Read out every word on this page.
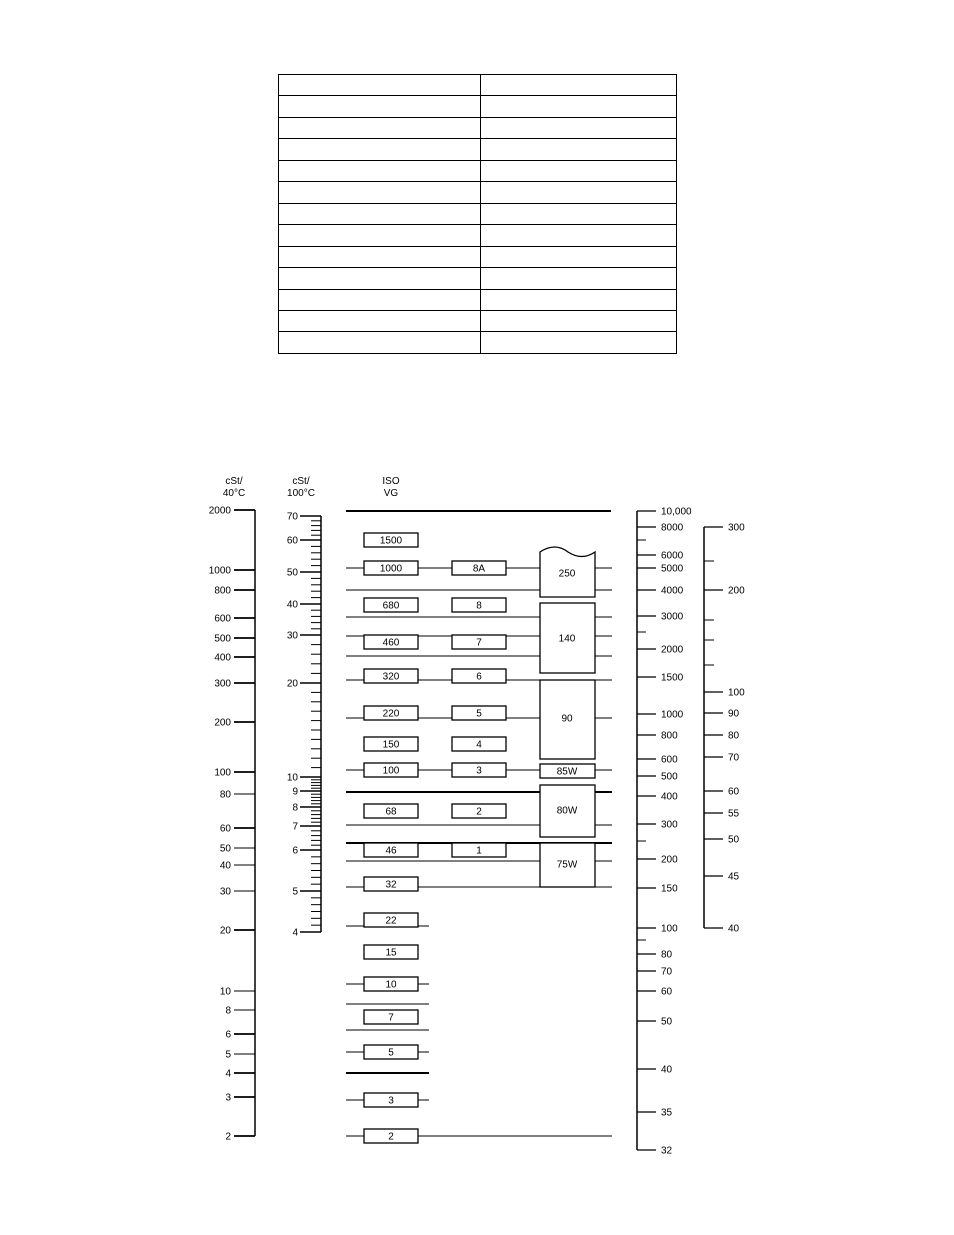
cSt/
40°C
cSt/
100°C
ISO
VG
2000
1000
800
600
500
400
300
200
100
80
60
50
40
30
20
10
8
6
5
4
3
2
70
60
50
40
30
20
10
9
8
7
6
5
4
10,000
8000
6000
5000
4000
3000
2000
1500
1000
800
600
500
400
300
200
150
100
80
70
60
50
40
35
32
300
200
100
90
80
70
60
55
50
45
40
1500
1000
680
460
320
220
150
100
68
46
32
22
15
10
7
5
3
2
8A
8
7
6
5
4
3
2
1
250
140
90
85W
80W
75W
